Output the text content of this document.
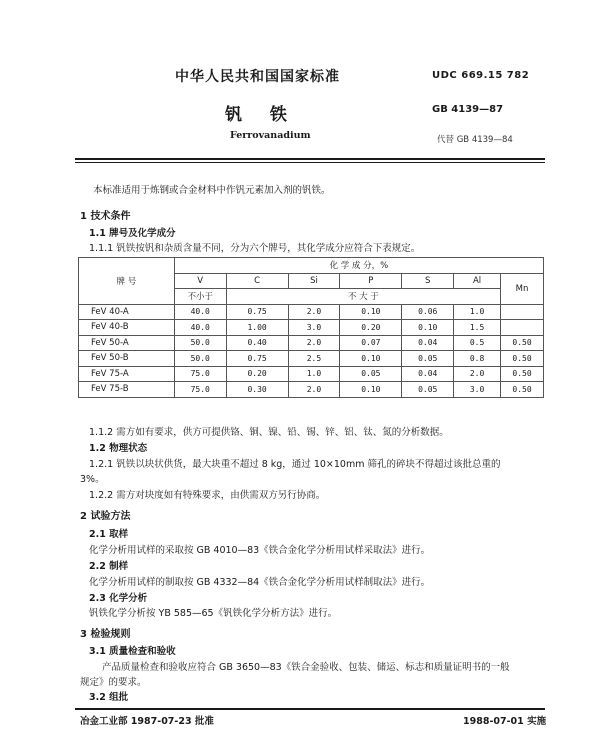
中华人民共和国国家标准	UDC 669.15 782
钒 铁	GB 4139—87
Ferrovanadium	代替 GB 4139—84
本标准适用于炼钢或合金材料中作钒元素加入剂的钒铁。
1 技术条件
1.1 牌号及化学成分
1.1.1 钒铁按钒和杂质含量不同，分为六个牌号，其化学成分应符合下表规定。
牌 号	化 学 成 分，%						
	V	C	Si	P	S	Al	Mn
	不小于	不 大 于					
FeV 40-A	40.0	0.75	2.0	0.10	0.06	1.0	
FeV 40-B	40.0	1.00	3.0	0.20	0.10	1.5	
FeV 50-A	50.0	0.40	2.0	0.07	0.04	0.5	0.50
FeV 50-B	50.0	0.75	2.5	0.10	0.05	0.8	0.50
FeV 75-A	75.0	0.20	1.0	0.05	0.04	2.0	0.50
FeV 75-B	75.0	0.30	2.0	0.10	0.05	3.0	0.50
1.1.2 需方如有要求，供方可提供铬、铜、镍、铅、锡、锌、铝、钛、氮的分析数据。
1.2 物理状态
1.2.1 钒铁以块状供货，最大块重不超过 8 kg，通过 10×10mm 筛孔的碎块不得超过该批总重的
3%。
1.2.2 需方对块度如有特殊要求，由供需双方另行协商。
2 试验方法
2.1 取样
化学分析用试样的采取按 GB 4010—83《铁合金化学分析用试样采取法》进行。
2.2 制样
化学分析用试样的制取按 GB 4332—84《铁合金化学分析用试样制取法》进行。
2.3 化学分析
钒铁化学分析按 YB 585—65《钒铁化学分析方法》进行。
3 检验规则
3.1 质量检查和验收
产品质量检查和验收应符合 GB 3650—83《铁合金验收、包装、储运、标志和质量证明书的一般
规定》的要求。
3.2 组批
冶金工业部 1987-07-23 批准	1988-07-01 实施
